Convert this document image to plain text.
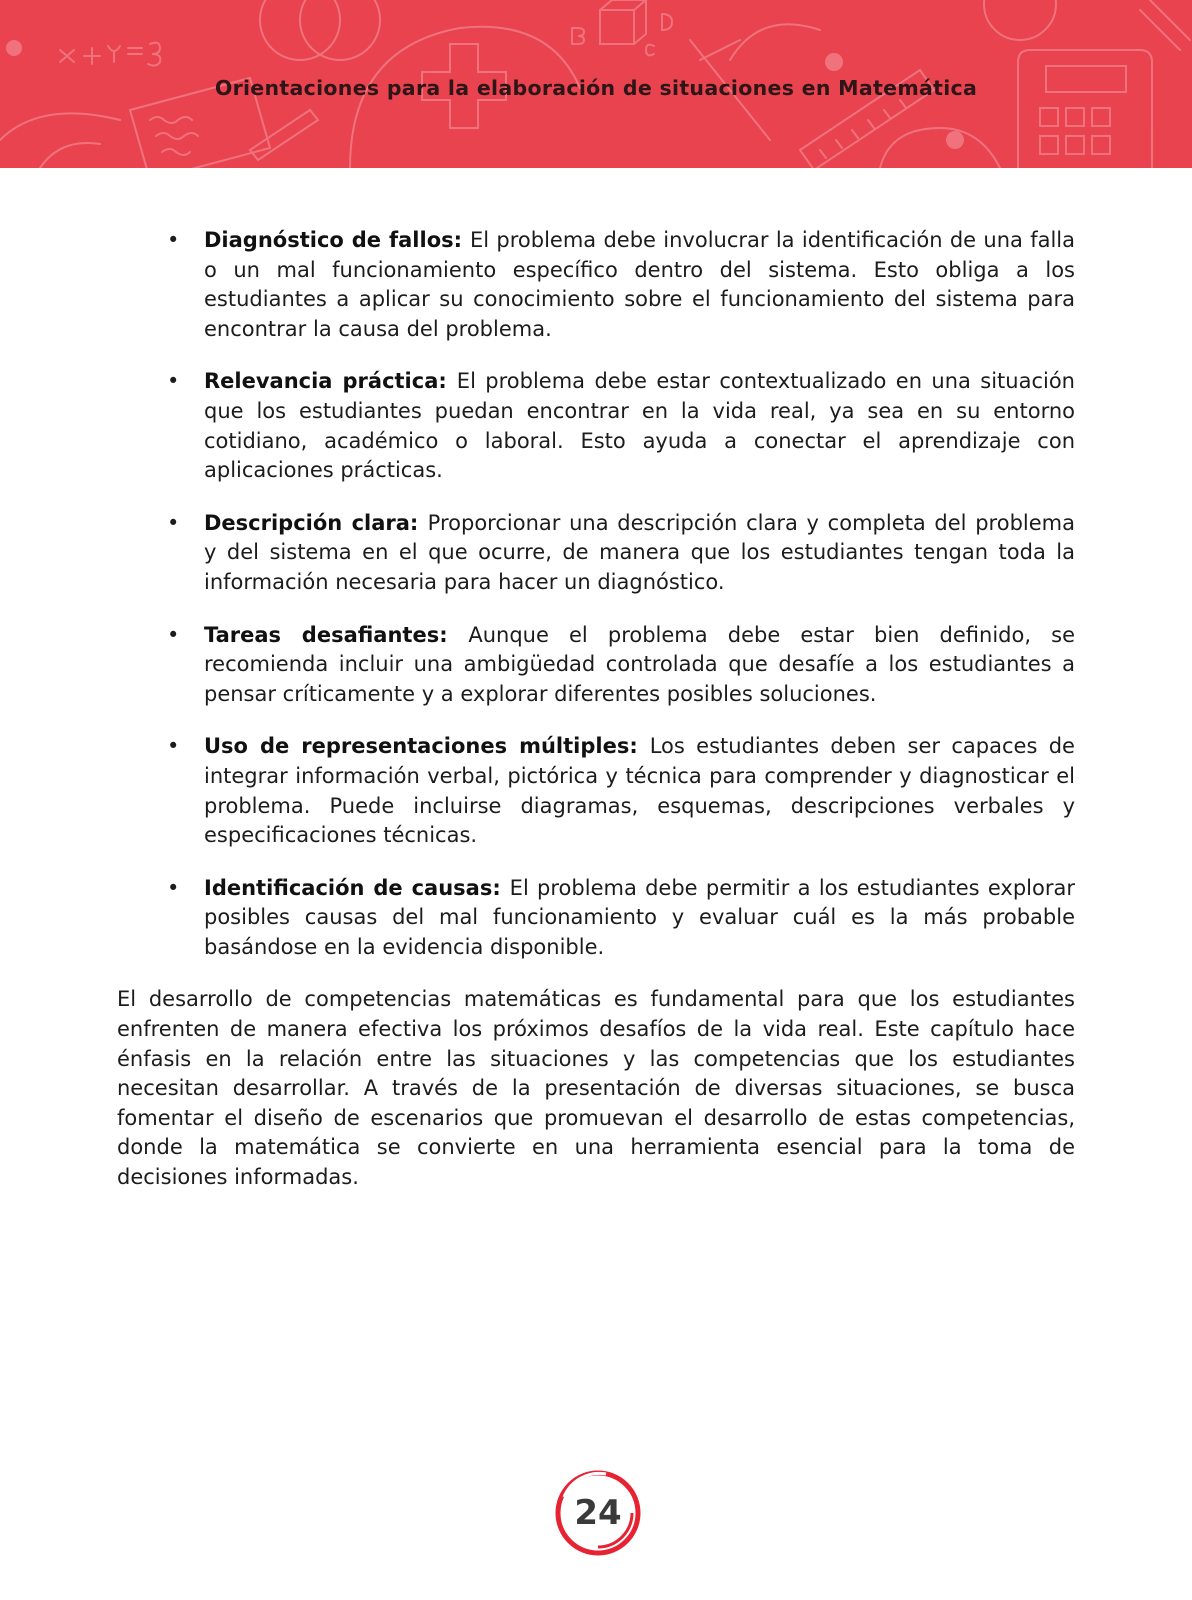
Orientaciones para la elaboración de situaciones en Matemática
• Diagnóstico de fallos: El problema debe involucrar la identificación de una falla o un mal funcionamiento específico dentro del sistema. Esto obliga a los estudiantes a aplicar su conocimiento sobre el funcionamiento del sistema para encontrar la causa del problema.
• Relevancia práctica: El problema debe estar contextualizado en una situación que los estudiantes puedan encontrar en la vida real, ya sea en su entorno cotidiano, académico o laboral. Esto ayuda a conectar el aprendizaje con aplicaciones prácticas.
• Descripción clara: Proporcionar una descripción clara y completa del problema y del sistema en el que ocurre, de manera que los estudiantes tengan toda la información necesaria para hacer un diagnóstico.
• Tareas desafiantes: Aunque el problema debe estar bien definido, se recomienda incluir una ambigüedad controlada que desafíe a los estudiantes a pensar críticamente y a explorar diferentes posibles soluciones.
• Uso de representaciones múltiples: Los estudiantes deben ser capaces de integrar información verbal, pictórica y técnica para comprender y diagnosticar el problema. Puede incluirse diagramas, esquemas, descripciones verbales y especificaciones técnicas.
• Identificación de causas: El problema debe permitir a los estudiantes explorar posibles causas del mal funcionamiento y evaluar cuál es la más probable basándose en la evidencia disponible.

El desarrollo de competencias matemáticas es fundamental para que los estudiantes enfrenten de manera efectiva los próximos desafíos de la vida real. Este capítulo hace énfasis en la relación entre las situaciones y las competencias que los estudiantes necesitan desarrollar. A través de la presentación de diversas situaciones, se busca fomentar el diseño de escenarios que promuevan el desarrollo de estas competencias, donde la matemática se convierte en una herramienta esencial para la toma de decisiones informadas.

24
